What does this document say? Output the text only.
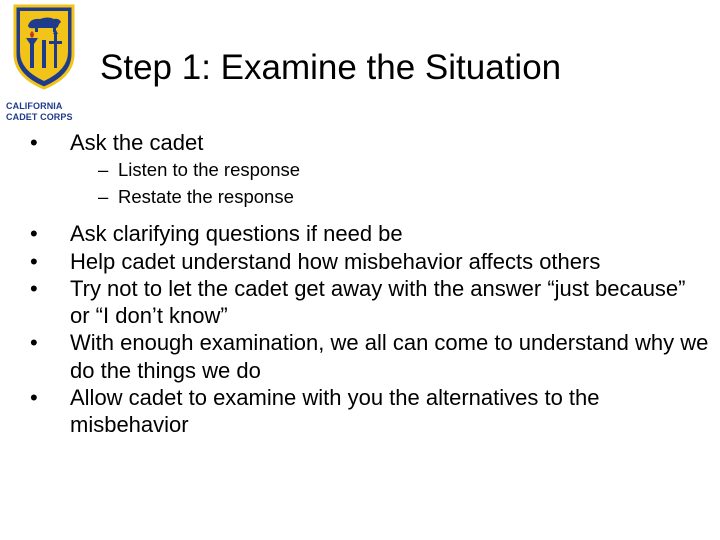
CALIFORNIA
CADET CORPS
Step 1: Examine the Situation
• Ask the cadet
– Listen to the response
– Restate the response
• Ask clarifying questions if need be
• Help cadet understand how misbehavior affects others
• Try not to let the cadet get away with the answer “just because” or “I don’t know”
• With enough examination, we all can come to understand why we do the things we do
• Allow cadet to examine with you the alternatives to the misbehavior
